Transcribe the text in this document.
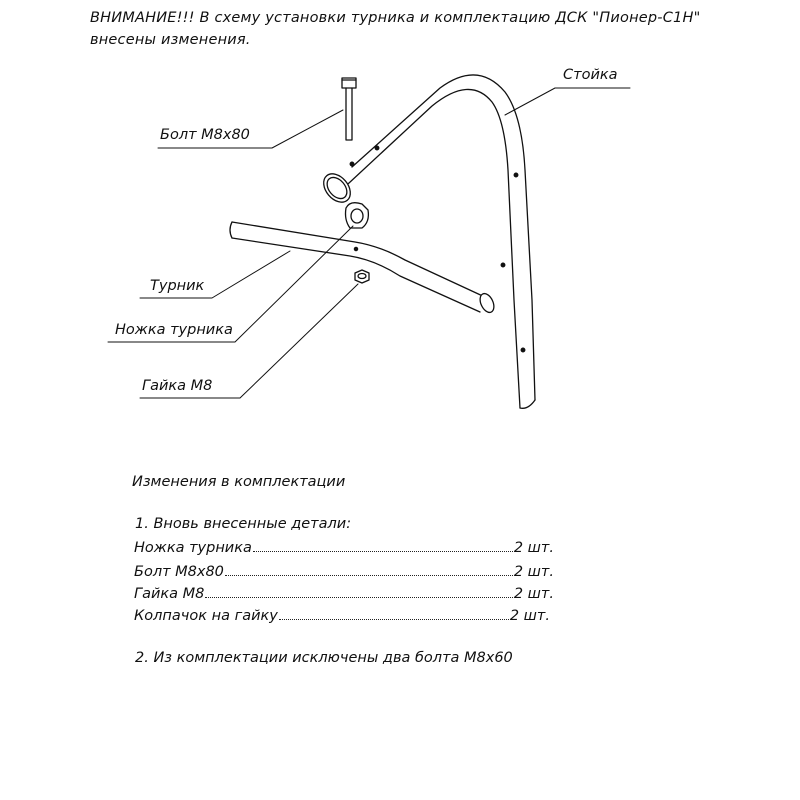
ВНИМАНИЕ!!! В схему установки турника и комплектацию ДСК "Пионер-С1Н"
внесены изменения.
Стойка
Болт М8х80
Турник
Ножка турника
Гайка М8
Изменения в комплектации
1. Вновь внесенные детали:
Ножка турника	2 шт.
Болт М8х80	2 шт.
Гайка М8	2 шт.
Колпачок на гайку	2 шт.
2. Из комплектации исключены два болта М8х60
